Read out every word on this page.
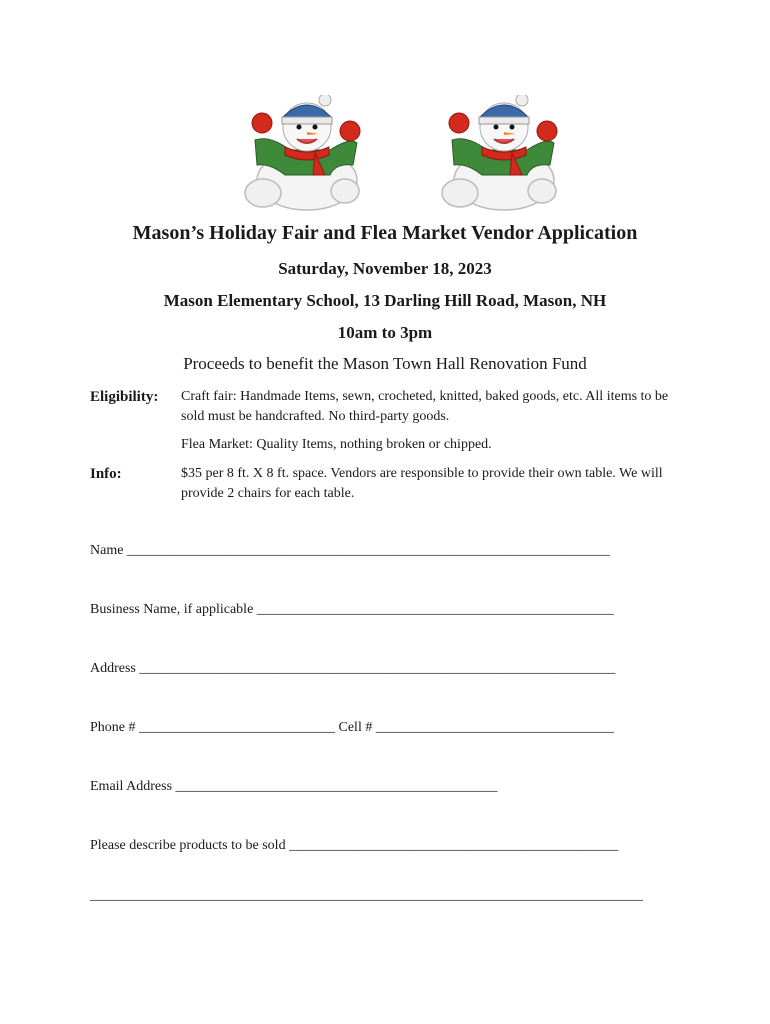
Mason’s Holiday Fair and Flea Market Vendor Application
Saturday, November 18, 2023
Mason Elementary School, 13 Darling Hill Road, Mason, NH
10am to 3pm
Proceeds to benefit the Mason Town Hall Renovation Fund
Eligibility: Craft fair: Handmade Items, sewn, crocheted, knitted, baked goods, etc. All items to be sold must be handcrafted. No third-party goods.
Flea Market: Quality Items, nothing broken or chipped.
Info:	$35 per 8 ft. X 8 ft. space. Vendors are responsible to provide their own table. We will provide 2 chairs for each table.
Name _____________________________________________________________________
Business Name, if applicable ___________________________________________________
Address ____________________________________________________________________
Phone # ____________________________ Cell # __________________________________
Email Address ______________________________________________
Please describe products to be sold _______________________________________________
_______________________________________________________________________________
